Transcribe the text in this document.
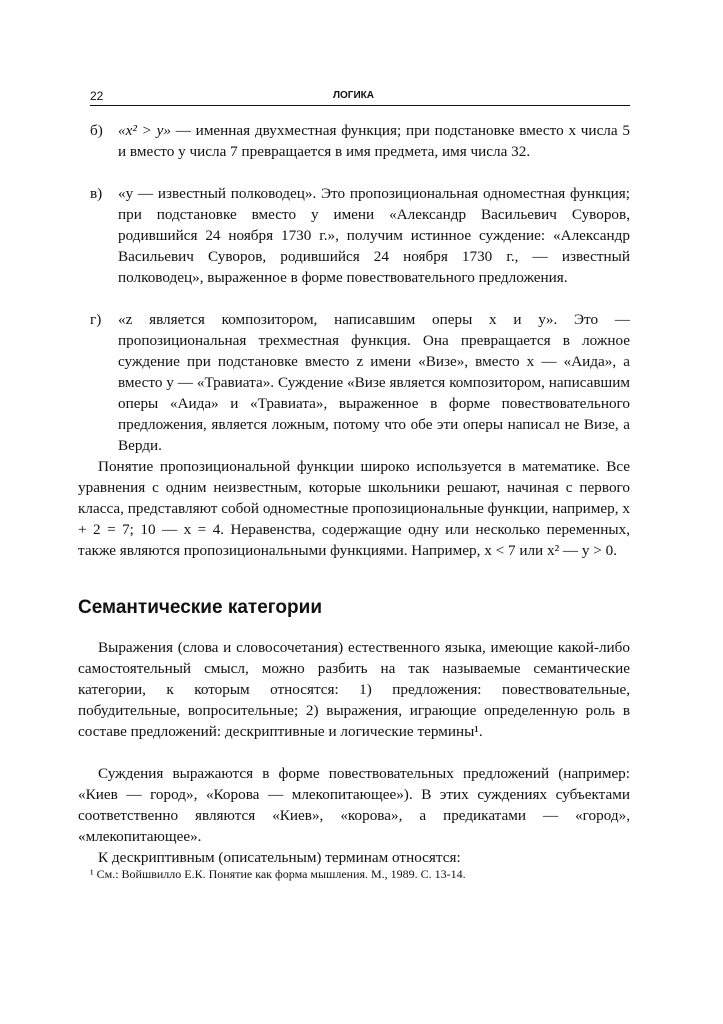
22	ЛОГИКА
б) «x² > y» — именная двухместная функция; при подстановке вместо x числа 5 и вместо y числа 7 превращается в имя предмета, имя числа 32.
в) «у — известный полководец». Это пропозициональная одноместная функция; при подстановке вместо у имени «Александр Васильевич Суворов, родившийся 24 ноября 1730 г.», получим истинное суждение: «Александр Васильевич Суворов, родившийся 24 ноября 1730 г., — известный полководец», выраженное в форме повествовательного предложения.
г) «z является композитором, написавшим оперы x и y». Это — пропозициональная трехместная функция. Она превращается в ложное суждение при подстановке вместо z имени «Визе», вместо x — «Аида», а вместо y — «Травиата». Суждение «Визе является композитором, написавшим оперы «Аида» и «Травиата», выраженное в форме повествовательного предложения, является ложным, потому что обе эти оперы написал не Визе, а Верди.
Понятие пропозициональной функции широко используется в математике. Все уравнения с одним неизвестным, которые школьники решают, начиная с первого класса, представляют собой одноместные пропозициональные функции, например, x + 2 = 7; 10 — x = 4. Неравенства, содержащие одну или несколько переменных, также являются пропозициональными функциями. Например, x < 7 или x² — y > 0.
Семантические категории
Выражения (слова и словосочетания) естественного языка, имеющие какой-либо самостоятельный смысл, можно разбить на так называемые семантические категории, к которым относятся: 1) предложения: повествовательные, побудительные, вопросительные; 2) выражения, играющие определенную роль в составе предложений: дескриптивные и логические термины¹.
Суждения выражаются в форме повествовательных предложений (например: «Киев — город», «Корова — млекопитающее»). В этих суждениях субъектами соответственно являются «Киев», «корова», а предикатами — «город», «млекопитающее».
К дескриптивным (описательным) терминам относятся:
¹ См.: Войшвилло Е.К. Понятие как форма мышления. М., 1989. С. 13-14.
